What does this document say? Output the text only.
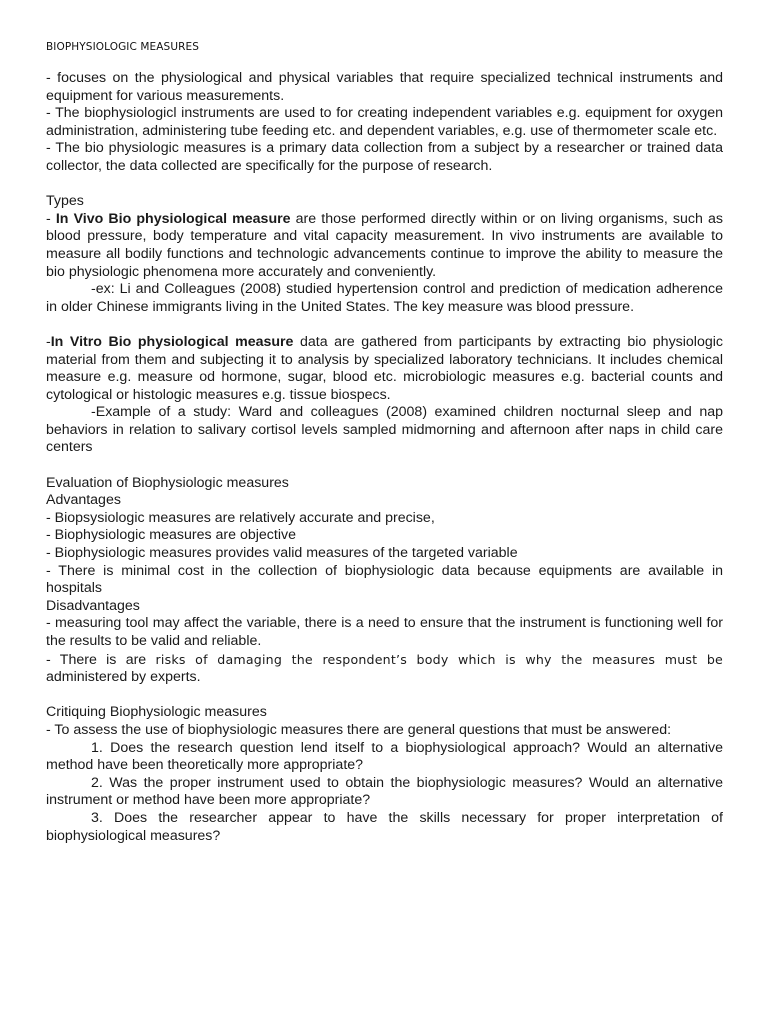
BIOPHYSIOLOGIC MEASURES

- focuses on the physiological and physical variables that require specialized technical instruments and equipment for various measurements.

- The biophysiologicl instruments are used to for creating independent variables e.g. equipment for oxygen administration, administering tube feeding etc. and dependent variables, e.g. use of thermometer scale etc.

- The bio physiologic measures is a primary data collection from a subject by a researcher or trained data collector, the data collected are specifically for the purpose of research.

Types

- In Vivo Bio physiological measure are those performed directly within or on living organisms, such as blood pressure, body temperature and vital capacity measurement. In vivo instruments are available to measure all bodily functions and technologic advancements continue to improve the ability to measure the bio physiologic phenomena more accurately and conveniently.

-ex: Li and Colleagues (2008) studied hypertension control and prediction of medication adherence in older Chinese immigrants living in the United States. The key measure was blood pressure.

-In Vitro Bio physiological measure data are gathered from participants by extracting bio physiologic material from them and subjecting it to analysis by specialized laboratory technicians. It includes chemical measure e.g. measure od hormone, sugar, blood etc. microbiologic measures e.g. bacterial counts and cytological or histologic measures e.g. tissue biospecs.

-Example of a study: Ward and colleagues (2008) examined children nocturnal sleep and nap behaviors in relation to salivary cortisol levels sampled midmorning and afternoon after naps in child care centers

Evaluation of Biophysiologic measures

Advantages

- Biopsysiologic measures are relatively accurate and precise,

- Biophysiologic measures are objective

- Biophysiologic measures provides valid measures of the targeted variable

- There is minimal cost in the collection of biophysiologic data because equipments are available in hospitals

Disadvantages

- measuring tool may affect the variable, there is a need to ensure that the instrument is functioning well for the results to be valid and reliable.

- There is are risks of damaging the respondent’s body which is why the measures must be

administered by experts.

Critiquing Biophysiologic measures

- To assess the use of biophysiologic measures there are general questions that must be answered:

1. Does the research question lend itself to a biophysiological approach? Would an alternative method have been theoretically more appropriate?

2. Was the proper instrument used to obtain the biophysiologic measures? Would an alternative instrument or method have been more appropriate?

3. Does the researcher appear to have the skills necessary for proper interpretation of biophysiological measures?
